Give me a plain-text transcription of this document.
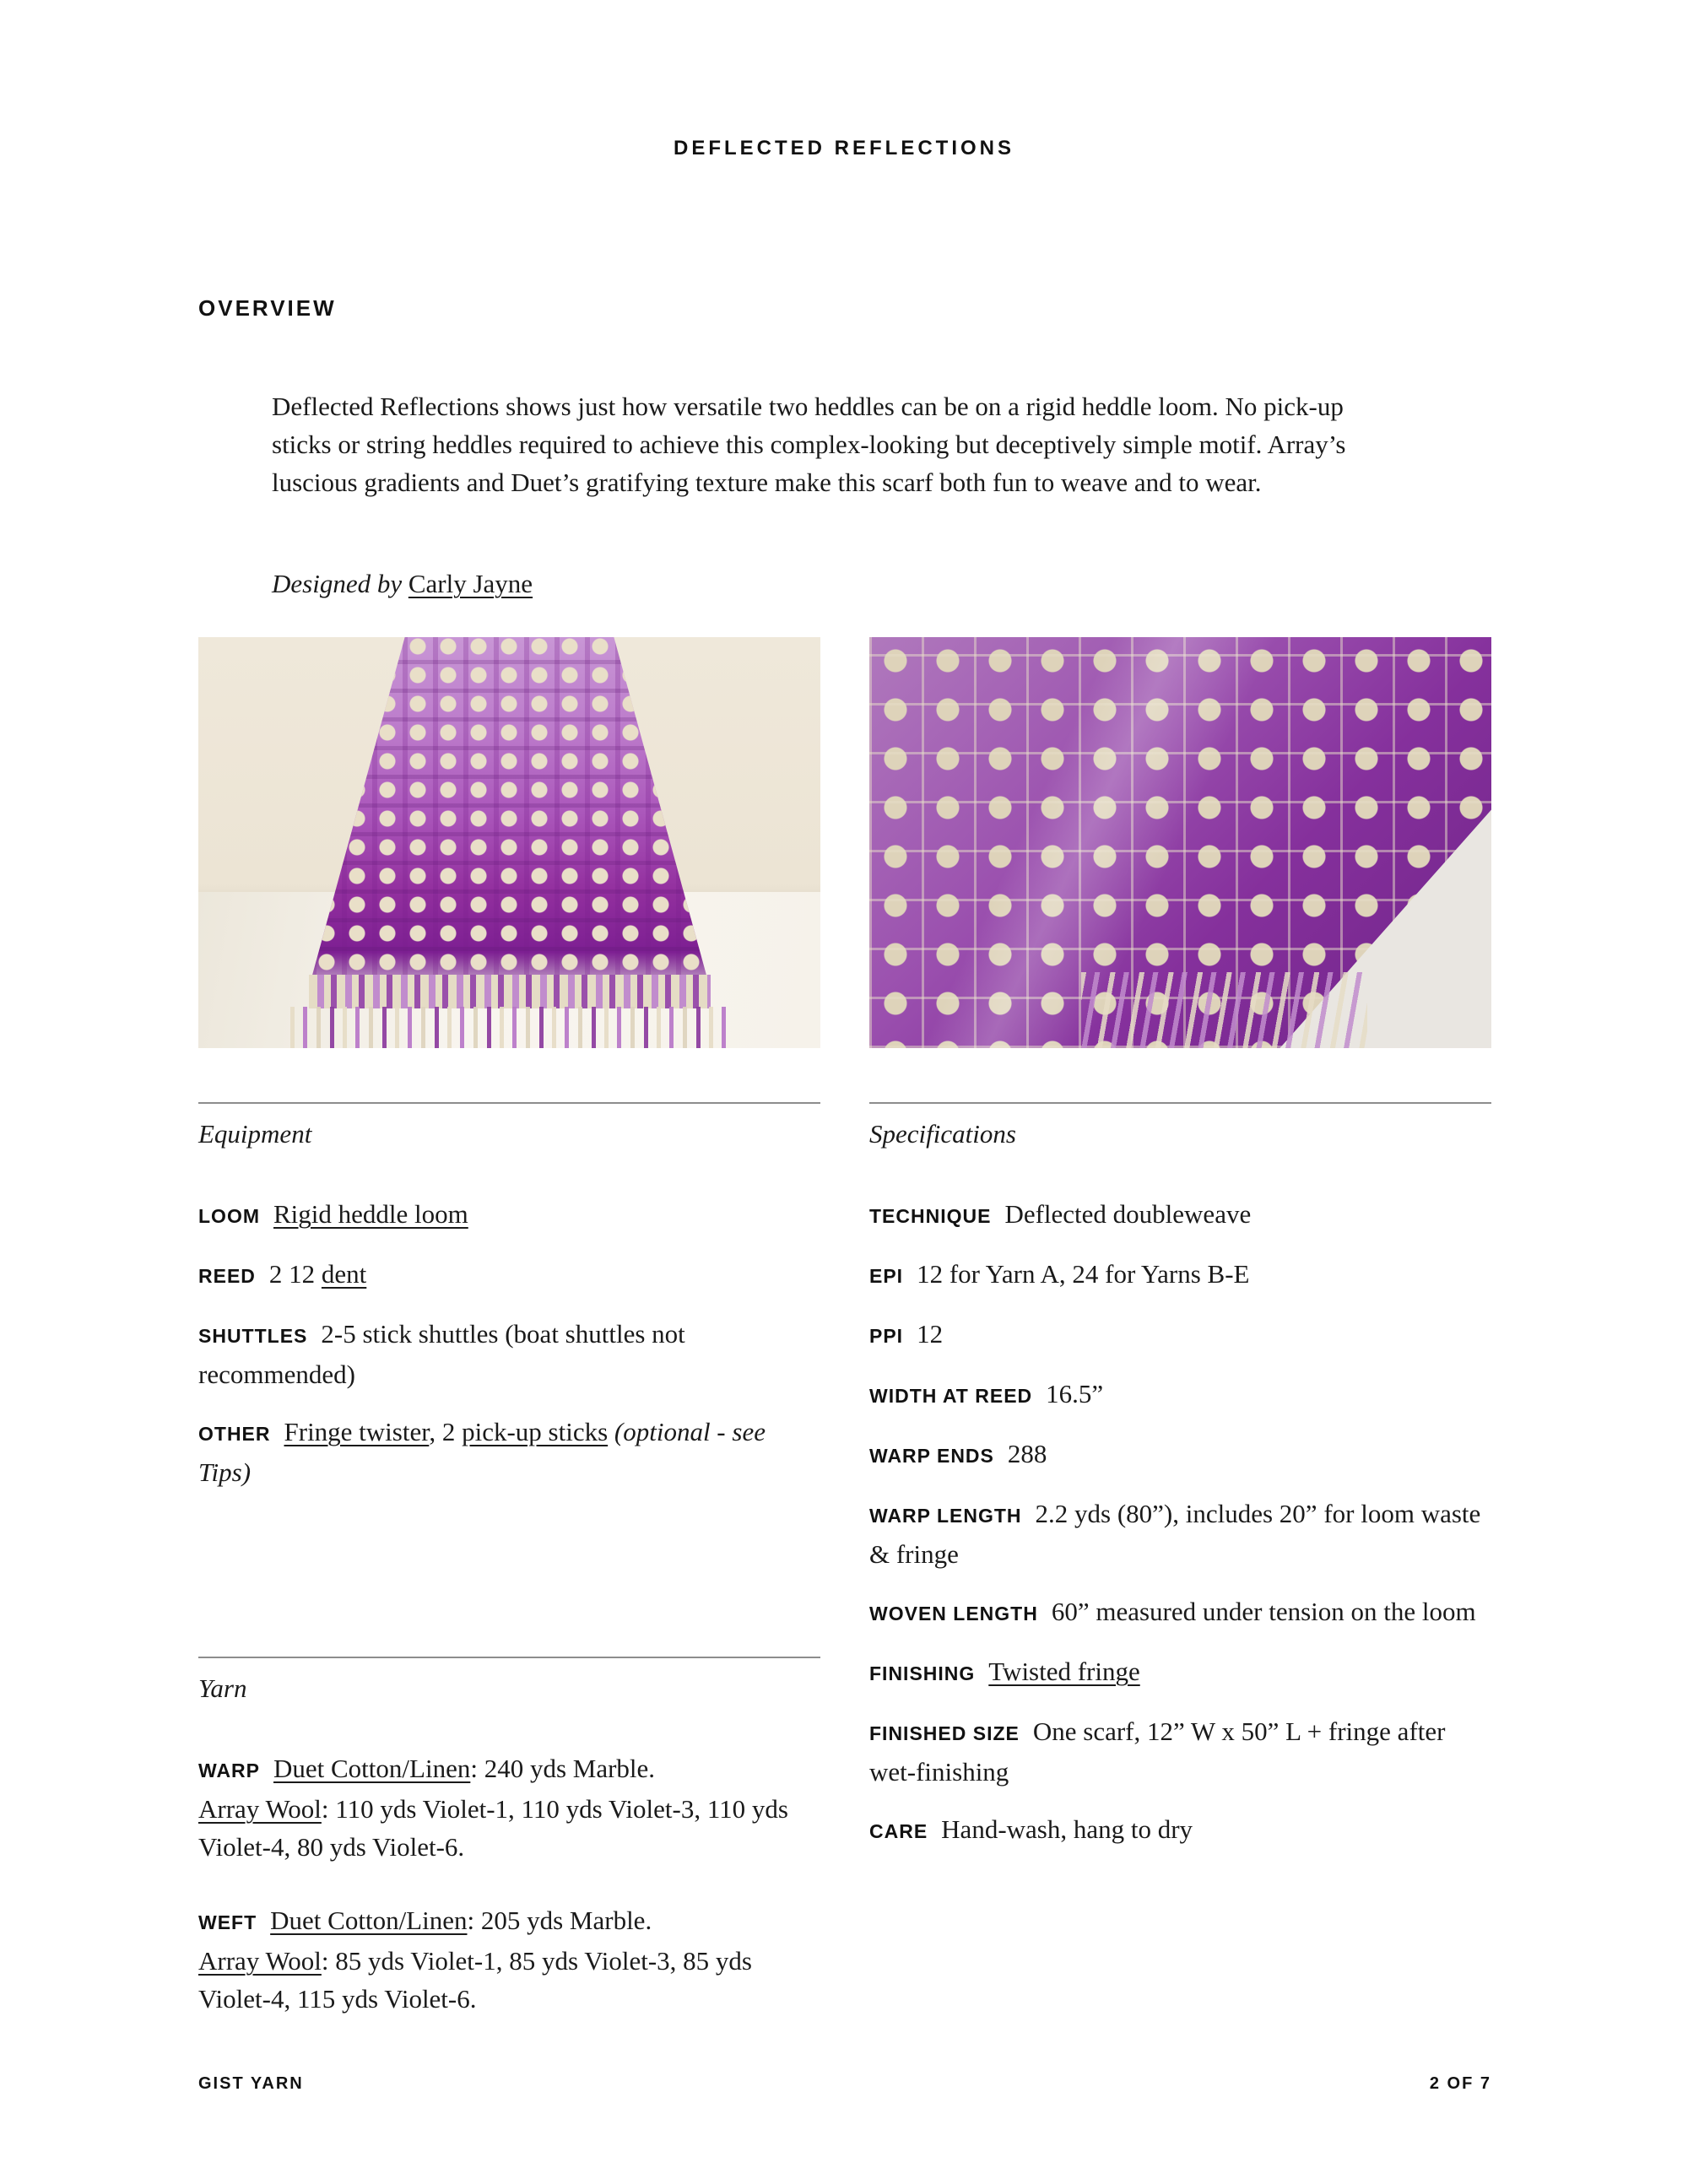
DEFLECTED REFLECTIONS
OVERVIEW

Deflected Reflections shows just how versatile two heddles can be on a rigid heddle loom. No pick-up sticks or string heddles required to achieve this complex-looking but deceptively simple motif. Array’s luscious gradients and Duet’s gratifying texture make this scarf both fun to weave and to wear.

Designed by Carly Jayne

Equipment

LOOM Rigid heddle loom

REED 2 12 dent

SHUTTLES 2-5 stick shuttles (boat shuttles not recommended)

OTHER Fringe twister, 2 pick-up sticks (optional - see Tips)

Yarn

WARP Duet Cotton/Linen: 240 yds Marble.
Array Wool: 110 yds Violet-1, 110 yds Violet-3, 110 yds Violet-4, 80 yds Violet-6.

WEFT Duet Cotton/Linen: 205 yds Marble.
Array Wool: 85 yds Violet-1, 85 yds Violet-3, 85 yds Violet-4, 115 yds Violet-6.

Specifications

TECHNIQUE Deflected doubleweave

EPI 12 for Yarn A, 24 for Yarns B-E

PPI 12

WIDTH AT REED 16.5”

WARP ENDS 288

WARP LENGTH 2.2 yds (80”), includes 20” for loom waste & fringe

WOVEN LENGTH 60” measured under tension on the loom

FINISHING Twisted fringe

FINISHED SIZE One scarf, 12” W x 50” L + fringe after wet-finishing

CARE Hand-wash, hang to dry

GIST YARN	2 OF 7
